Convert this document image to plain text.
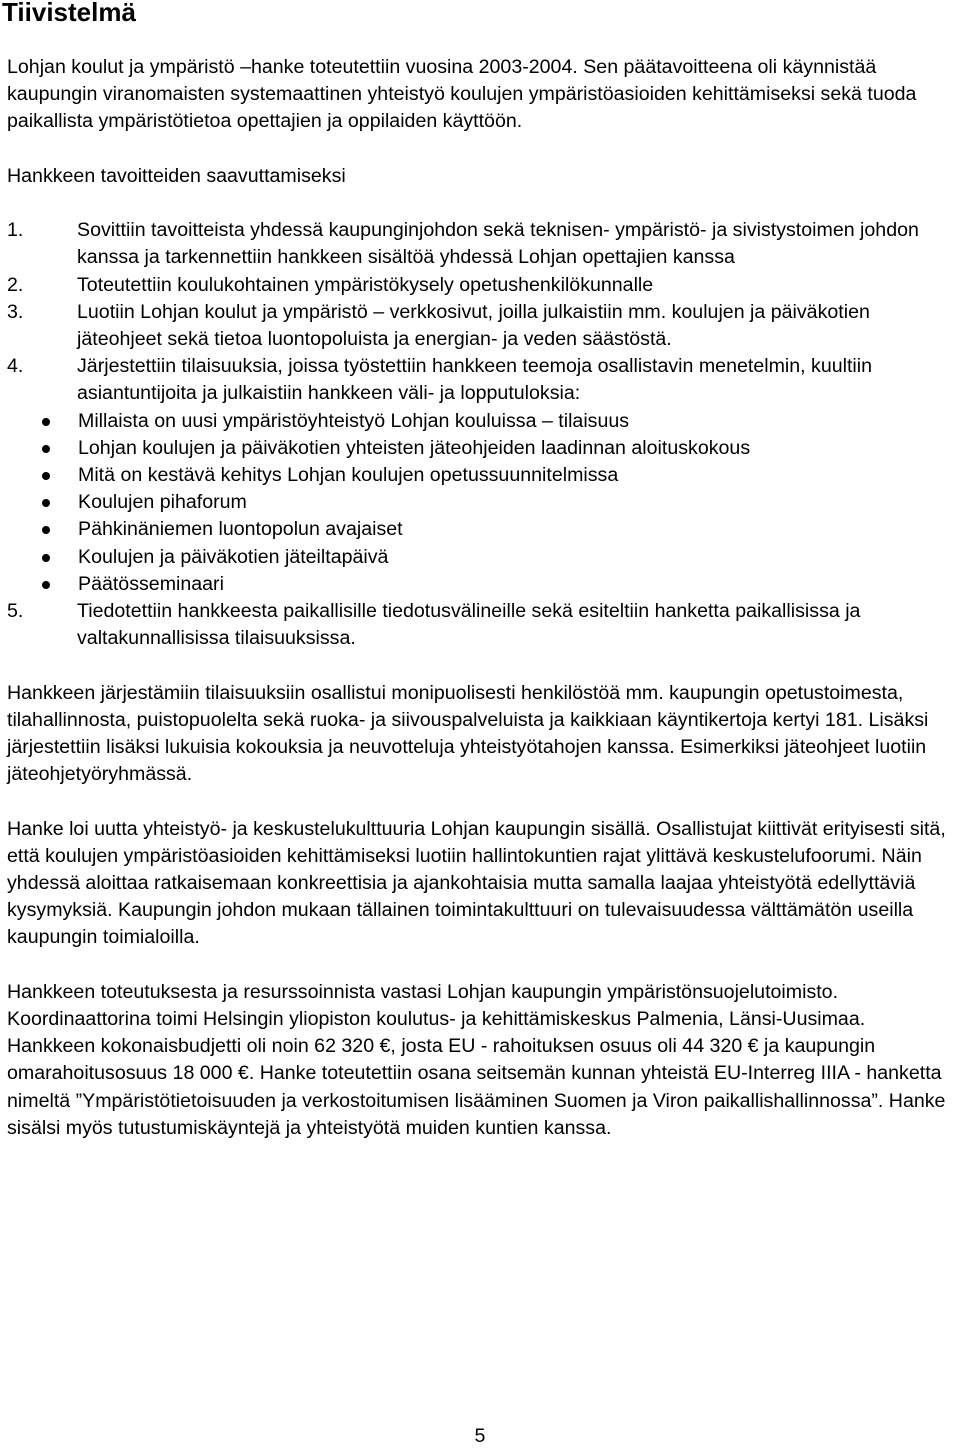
Tiivistelmä

Lohjan koulut ja ympäristö –hanke toteutettiin vuosina 2003-2004. Sen päätavoitteena oli käynnistää kaupungin viranomaisten systemaattinen yhteistyö koulujen ympäristöasioiden kehittämiseksi sekä tuoda paikallista ympäristötietoa opettajien ja oppilaiden käyttöön.

Hankkeen tavoitteiden saavuttamiseksi

1.	Sovittiin tavoitteista yhdessä kaupunginjohdon sekä teknisen- ympäristö- ja sivistystoimen johdon kanssa ja tarkennettiin hankkeen sisältöä yhdessä Lohjan opettajien kanssa
2.	Toteutettiin koulukohtainen ympäristökysely opetushenkilökunnalle
3.	Luotiin Lohjan koulut ja ympäristö – verkkosivut, joilla julkaistiin mm. koulujen ja päiväkotien jäteohjeet sekä tietoa luontopoluista ja energian- ja veden säästöstä.
4.	Järjestettiin tilaisuuksia, joissa työstettiin hankkeen teemoja osallistavin menetelmin, kuultiin asiantuntijoita ja julkaistiin hankkeen väli- ja lopputuloksia:
Millaista on uusi ympäristöyhteistyö Lohjan kouluissa – tilaisuus
Lohjan koulujen ja päiväkotien yhteisten jäteohjeiden laadinnan aloituskokous
Mitä on kestävä kehitys Lohjan koulujen opetussuunnitelmissa
Koulujen pihaforum
Pähkinäniemen luontopolun avajaiset
Koulujen ja päiväkotien jäteiltapäivä
Päätösseminaari
5.	Tiedotettiin hankkeesta paikallisille tiedotusvälineille sekä esiteltiin hanketta paikallisissa ja valtakunnallisissa tilaisuuksissa.

Hankkeen järjestämiin tilaisuuksiin osallistui monipuolisesti henkilöstöä mm. kaupungin opetustoimesta, tilahallinnosta, puistopuolelta sekä ruoka- ja siivouspalveluista ja kaikkiaan käyntikertoja kertyi 181. Lisäksi järjestettiin lisäksi lukuisia kokouksia ja neuvotteluja yhteistyötahojen kanssa. Esimerkiksi jäteohjeet luotiin jäteohjetyöryhmässä.

Hanke loi uutta yhteistyö- ja keskustelukulttuuria Lohjan kaupungin sisällä. Osallistujat kiittivät erityisesti sitä, että koulujen ympäristöasioiden kehittämiseksi luotiin hallintokuntien rajat ylittävä keskustelufoorumi. Näin yhdessä aloittaa ratkaisemaan konkreettisia ja ajankohtaisia mutta samalla laajaa yhteistyötä edellyttäviä kysymyksiä. Kaupungin johdon mukaan tällainen toimintakulttuuri on tulevaisuudessa välttämätön useilla kaupungin toimialoilla.

Hankkeen toteutuksesta ja resurssoinnista vastasi Lohjan kaupungin ympäristönsuojelutoimisto. Koordinaattorina toimi Helsingin yliopiston koulutus- ja kehittämiskeskus Palmenia, Länsi-Uusimaa. Hankkeen kokonaisbudjetti oli noin 62 320 €, josta EU - rahoituksen osuus oli 44 320 € ja kaupungin omarahoitusosuus 18 000 €. Hanke toteutettiin osana seitsemän kunnan yhteistä EU-Interreg IIIA - hanketta nimeltä ”Ympäristötietoisuuden ja verkostoitumisen lisääminen Suomen ja Viron paikallishallinnossa”. Hanke sisälsi myös tutustumiskäyntejä ja yhteistyötä muiden kuntien kanssa.

5
